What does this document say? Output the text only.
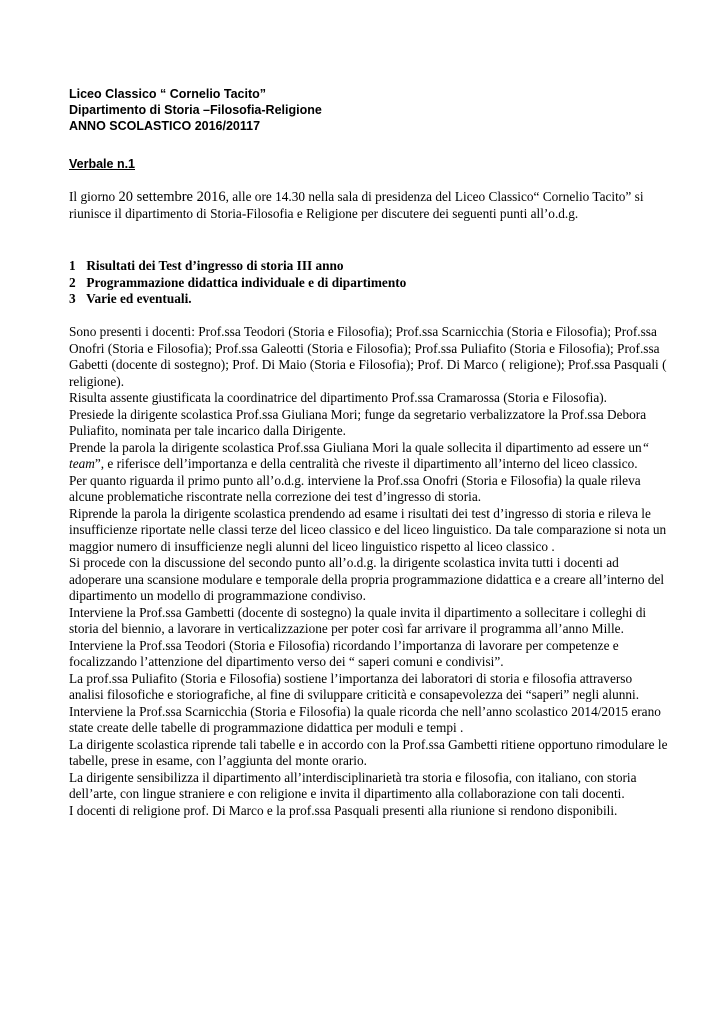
Liceo Classico “ Cornelio Tacito”

Dipartimento di Storia –Filosofia-Religione

ANNO SCOLASTICO 2016/20117

Verbale n.1

Il giorno 20 settembre 2016, alle ore 14.30 nella sala di presidenza del Liceo Classico“ Cornelio Tacito” si riunisce il dipartimento di Storia-Filosofia e Religione per discutere dei seguenti punti all’o.d.g.

1 Risultati dei Test d’ingresso di storia III anno
2 Programmazione didattica individuale e di dipartimento
3 Varie ed eventuali.

Sono presenti i docenti: Prof.ssa Teodori (Storia e Filosofia); Prof.ssa Scarnicchia (Storia e Filosofia); Prof.ssa Onofri (Storia e Filosofia); Prof.ssa Galeotti (Storia e Filosofia); Prof.ssa Puliafito (Storia e Filosofia); Prof.ssa Gabetti (docente di sostegno); Prof. Di Maio (Storia e Filosofia); Prof. Di Marco ( religione); Prof.ssa Pasquali ( religione).

Risulta assente giustificata la coordinatrice del dipartimento Prof.ssa Cramarossa (Storia e Filosofia).

Presiede la dirigente scolastica Prof.ssa Giuliana Mori; funge da segretario verbalizzatore la Prof.ssa Debora Puliafito, nominata per tale incarico dalla Dirigente.

Prende la parola la dirigente scolastica Prof.ssa Giuliana Mori la quale sollecita il dipartimento ad essere un“ team”, e riferisce dell’importanza e della centralità che riveste il dipartimento all’interno del liceo classico.

Per quanto riguarda il primo punto all’o.d.g. interviene la Prof.ssa Onofri (Storia e Filosofia) la quale rileva alcune problematiche riscontrate nella correzione dei test d’ingresso di storia.

Riprende la parola la dirigente scolastica prendendo ad esame i risultati dei test d’ingresso di storia e rileva le insufficienze riportate nelle classi terze del liceo classico e del liceo linguistico. Da tale comparazione si nota un maggior numero di insufficienze negli alunni del liceo linguistico rispetto al liceo classico .

Si procede con la discussione del secondo punto all’o.d.g. la dirigente scolastica invita tutti i docenti ad adoperare una scansione modulare e temporale della propria programmazione didattica e a creare all’interno del dipartimento un modello di programmazione condiviso.

Interviene la Prof.ssa Gambetti (docente di sostegno) la quale invita il dipartimento a sollecitare i colleghi di storia del biennio, a lavorare in verticalizzazione per poter così far arrivare il programma all’anno Mille.

Interviene la Prof.ssa Teodori (Storia e Filosofia) ricordando l’importanza di lavorare per competenze e focalizzando l’attenzione del dipartimento verso dei “ saperi comuni e condivisi”.

La prof.ssa Puliafito (Storia e Filosofia) sostiene l’importanza dei laboratori di storia e filosofia attraverso analisi filosofiche e storiografiche, al fine di sviluppare criticità e consapevolezza dei “saperi” negli alunni.

Interviene la Prof.ssa Scarnicchia (Storia e Filosofia) la quale ricorda che nell’anno scolastico 2014/2015 erano state create delle tabelle di programmazione didattica per moduli e tempi .

La dirigente scolastica riprende tali tabelle e in accordo con la Prof.ssa Gambetti ritiene opportuno rimodulare le tabelle, prese in esame, con l’aggiunta del monte orario.

La dirigente sensibilizza il dipartimento all’interdisciplinarietà tra storia e filosofia, con italiano, con storia dell’arte, con lingue straniere e con religione e invita il dipartimento alla collaborazione con tali docenti.

I docenti di religione prof. Di Marco e la prof.ssa Pasquali presenti alla riunione si rendono disponibili.
